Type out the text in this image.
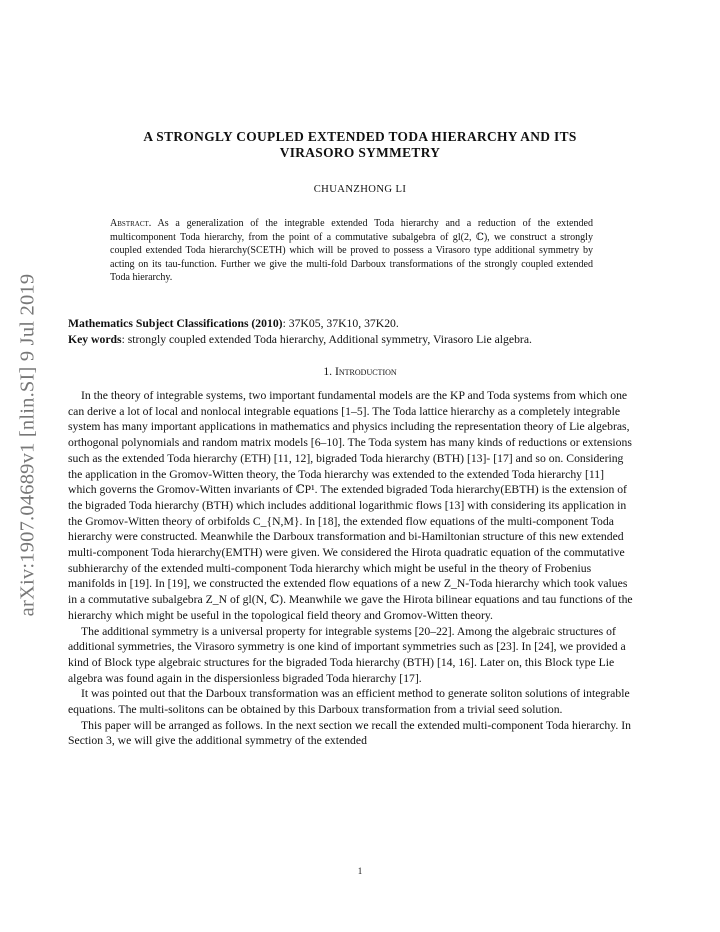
arXiv:1907.04689v1 [nlin.SI] 9 Jul 2019
A STRONGLY COUPLED EXTENDED TODA HIERARCHY AND ITS
VIRASORO SYMMETRY
CHUANZHONG LI
Abstract. As a generalization of the integrable extended Toda hierarchy and a reduction of the extended multicomponent Toda hierarchy, from the point of a commutative subalgebra of gl(2, ℂ), we construct a strongly coupled extended Toda hierarchy(SCETH) which will be proved to possess a Virasoro type additional symmetry by acting on its tau-function. Further we give the multi-fold Darboux transformations of the strongly coupled extended Toda hierarchy.
Mathematics Subject Classifications (2010): 37K05, 37K10, 37K20.
Key words: strongly coupled extended Toda hierarchy, Additional symmetry, Virasoro Lie algebra.
1. Introduction

In the theory of integrable systems, two important fundamental models are the KP and Toda systems from which one can derive a lot of local and nonlocal integrable equations [1–5]. The Toda lattice hierarchy as a completely integrable system has many important applications in mathematics and physics including the representation theory of Lie algebras, orthogonal polynomials and random matrix models [6–10]. The Toda system has many kinds of reductions or extensions such as the extended Toda hierarchy (ETH) [11, 12], bigraded Toda hierarchy (BTH) [13]- [17] and so on. Considering the application in the Gromov-Witten theory, the Toda hierarchy was extended to the extended Toda hierarchy [11] which governs the Gromov-Witten invariants of ℂP¹. The extended bigraded Toda hierarchy(EBTH) is the extension of the bigraded Toda hierarchy (BTH) which includes additional logarithmic flows [13] with considering its application in the Gromov-Witten theory of orbifolds C_{N,M}. In [18], the extended flow equations of the multi-component Toda hierarchy were constructed. Meanwhile the Darboux transformation and bi-Hamiltonian structure of this new extended multi-component Toda hierarchy(EMTH) were given. We considered the Hirota quadratic equation of the commutative subhierarchy of the extended multi-component Toda hierarchy which might be useful in the theory of Frobenius manifolds in [19]. In [19], we constructed the extended flow equations of a new Z_N-Toda hierarchy which took values in a commutative subalgebra Z_N of gl(N, ℂ). Meanwhile we gave the Hirota bilinear equations and tau functions of the hierarchy which might be useful in the topological field theory and Gromov-Witten theory.

The additional symmetry is a universal property for integrable systems [20–22]. Among the algebraic structures of additional symmetries, the Virasoro symmetry is one kind of important symmetries such as [23]. In [24], we provided a kind of Block type algebraic structures for the bigraded Toda hierarchy (BTH) [14, 16]. Later on, this Block type Lie algebra was found again in the dispersionless bigraded Toda hierarchy [17].

It was pointed out that the Darboux transformation was an efficient method to generate soliton solutions of integrable equations. The multi-solitons can be obtained by this Darboux transformation from a trivial seed solution.

This paper will be arranged as follows. In the next section we recall the extended multi-component Toda hierarchy. In Section 3, we will give the additional symmetry of the extended

1
